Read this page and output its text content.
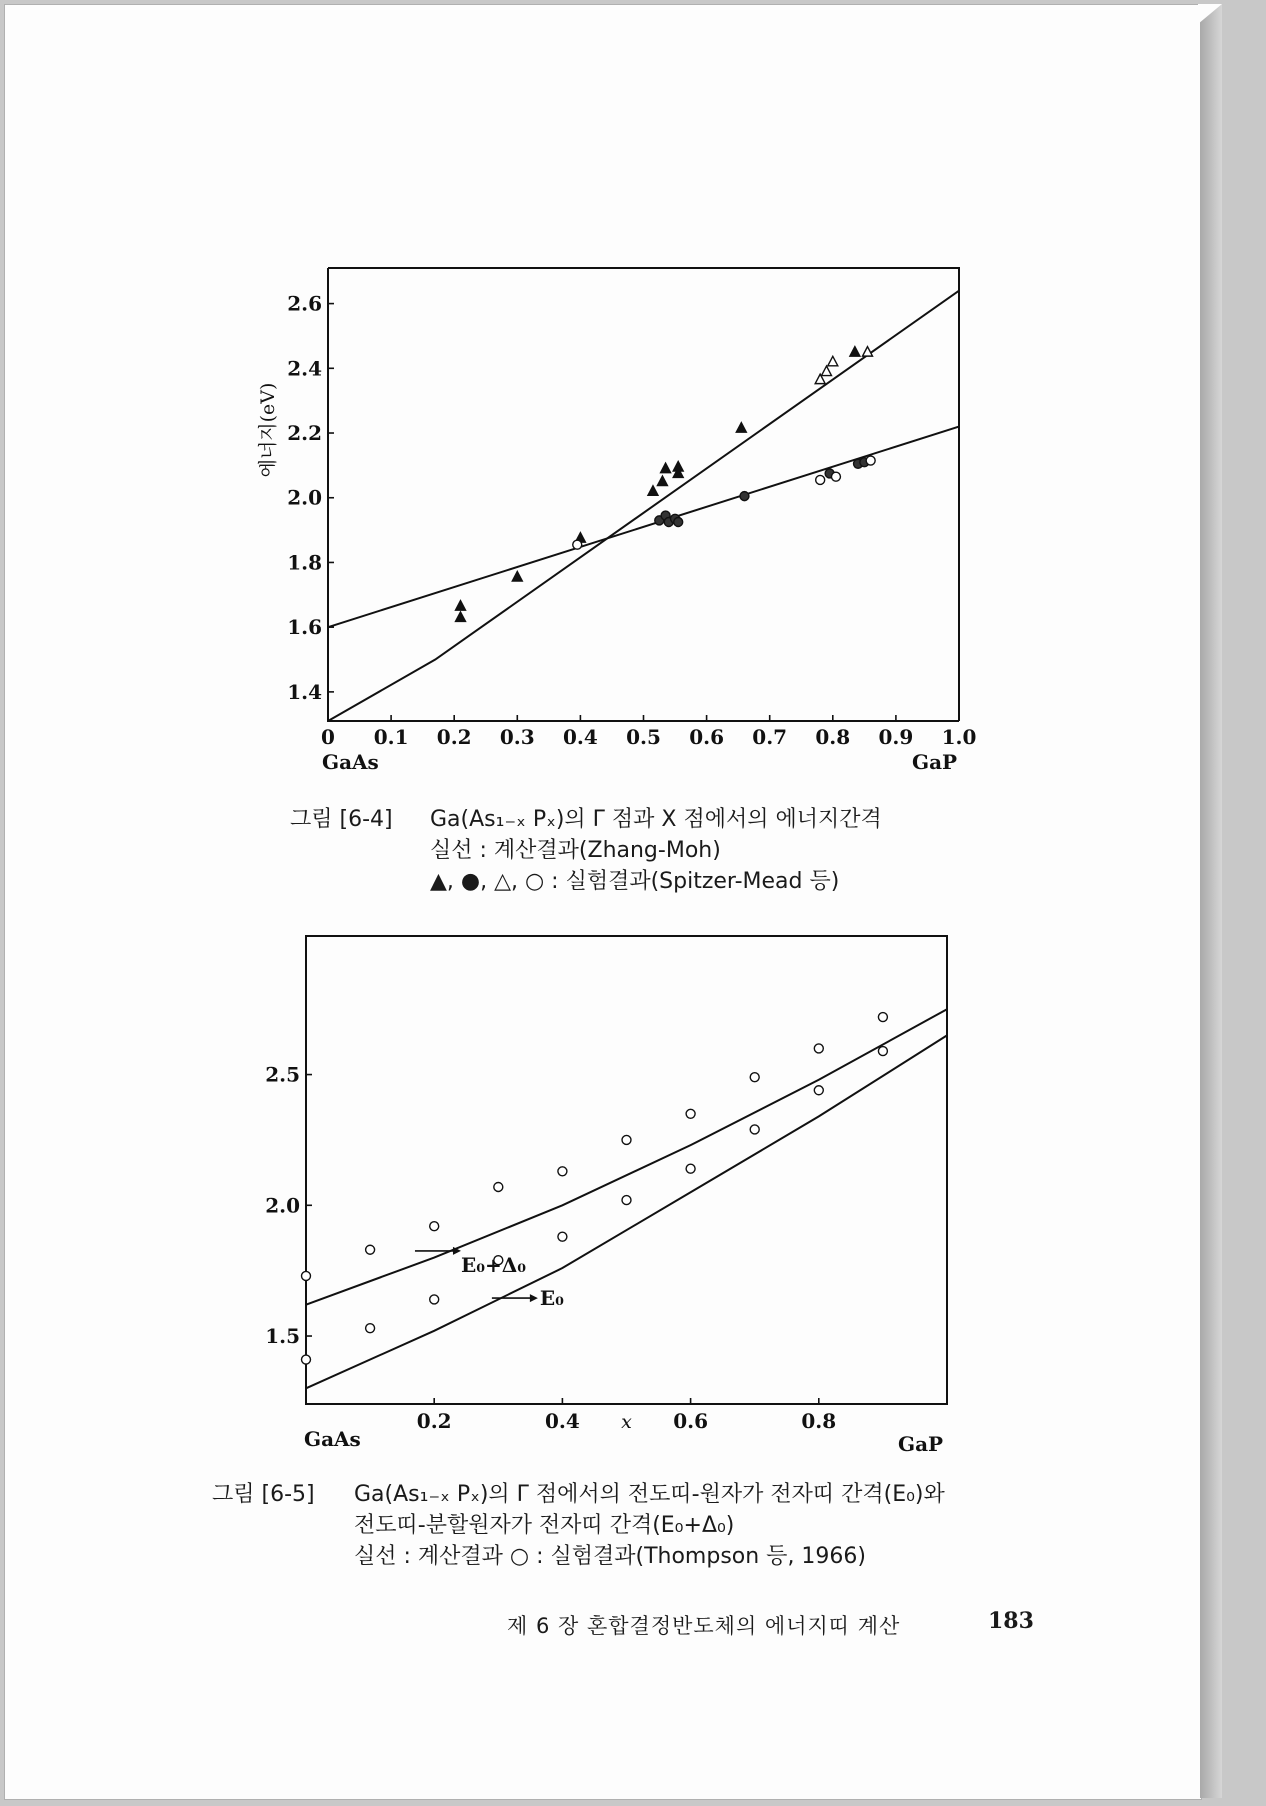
0 0.1 0.2 0.3 0.4 0.5 0.6 0.7 0.8 0.9 1.0
1.4
1.6
1.8
2.0
2.2
2.4
2.6
에너지(eV)
GaAs	GaP
그림 [6-4] Ga(As₁₋ₓ Pₓ)의 Γ 점과 X 점에서의 에너지간격
실선 : 계산결과(Zhang-Moh)
▲, ●, △, ○ : 실험결과(Spitzer-Mead 등)
0.2	0.4 x 0.6	0.8
1.5
2.0
2.5
E₀+Δ₀
E₀
GaAs	GaP
그림 [6-5] Ga(As₁₋ₓ Pₓ)의 Γ 점에서의 전도띠-원자가 전자띠 간격(E₀)와
전도띠-분할원자가 전자띠 간격(E₀+Δ₀)
실선 : 계산결과 ○ : 실험결과(Thompson 등, 1966)
제 6 장 혼합결정반도체의 에너지띠 계산	183
